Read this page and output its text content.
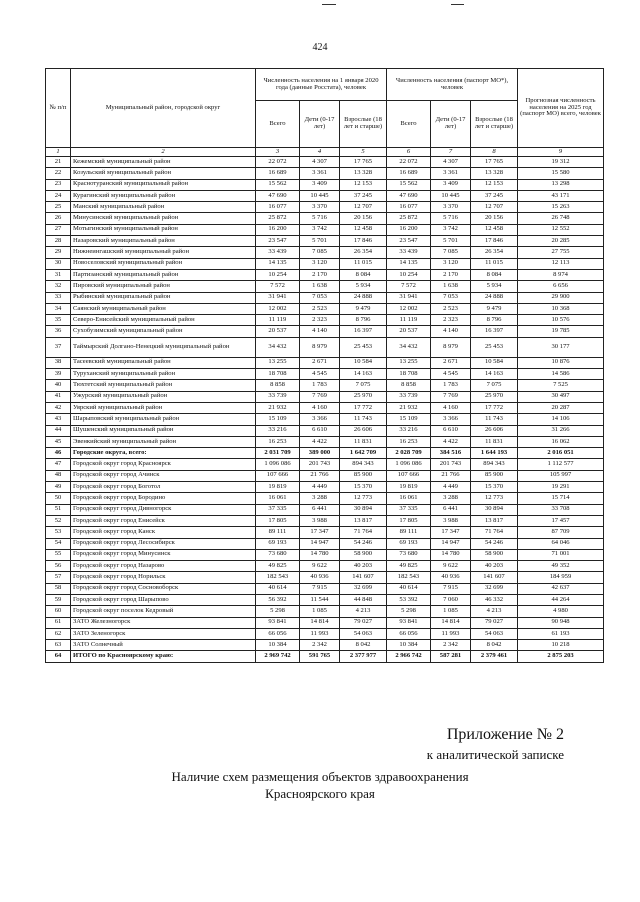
424
№ п/п	Муниципальный район, городской округ	Численность населения на 1 января 2020 года (данные Росстата), человек			Численность населения (паспорт МО*), человек			Прогнозная численность населения на 2025 год (паспорт МО) всего, человек
		Всего	Дети (0-17 лет)	Взрослые (18 лет и старше)	Всего	Дети (0-17 лет)	Взрослые (18 лет и старше)	
1	2	3	4	5	6	7	8	9
21	Кежемский муниципальный район	22 072	4 307	17 765	22 072	4 307	17 765	19 312
22	Козульский муниципальный район	16 689	3 361	13 328	16 689	3 361	13 328	15 580
23	Краснотуранский муниципальный район	15 562	3 409	12 153	15 562	3 409	12 153	13 298
24	Курагинский муниципальный район	47 690	10 445	37 245	47 690	10 445	37 245	43 171
25	Манский муниципальный район	16 077	3 370	12 707	16 077	3 370	12 707	15 263
26	Минусинский муниципальный район	25 872	5 716	20 156	25 872	5 716	20 156	26 748
27	Мотыгинский муниципальный район	16 200	3 742	12 458	16 200	3 742	12 458	12 552
28	Назаровский муниципальный район	23 547	5 701	17 846	23 547	5 701	17 846	20 285
29	Нижнеингашский муниципальный район	33 439	7 085	26 354	33 439	7 085	26 354	27 755
30	Новоселовский муниципальный район	14 135	3 120	11 015	14 135	3 120	11 015	12 113
31	Партизанский муниципальный район	10 254	2 170	8 084	10 254	2 170	8 084	8 974
32	Пировский муниципальный район	7 572	1 638	5 934	7 572	1 638	5 934	6 656
33	Рыбинский муниципальный район	31 941	7 053	24 888	31 941	7 053	24 888	29 900
34	Саянский муниципальный район	12 002	2 523	9 479	12 002	2 523	9 479	10 368
35	Северо-Енисейский муниципальный район	11 119	2 323	8 796	11 119	2 323	8 796	10 576
36	Сухобузимский муниципальный район	20 537	4 140	16 397	20 537	4 140	16 397	19 785
37	Таймырский Долгано-Ненецкий муниципальный район	34 432	8 979	25 453	34 432	8 979	25 453	30 177
38	Тасеевский муниципальный район	13 255	2 671	10 584	13 255	2 671	10 584	10 876
39	Туруханский муниципальный район	18 708	4 545	14 163	18 708	4 545	14 163	14 586
40	Тюхтетский муниципальный район	8 858	1 783	7 075	8 858	1 783	7 075	7 525
41	Ужурский муниципальный район	33 739	7 769	25 970	33 739	7 769	25 970	30 497
42	Уярский муниципальный район	21 932	4 160	17 772	21 932	4 160	17 772	20 287
43	Шарыповский муниципальный район	15 109	3 366	11 743	15 109	3 366	11 743	14 106
44	Шушенский муниципальный район	33 216	6 610	26 606	33 216	6 610	26 606	31 266
45	Эвенкийский муниципальный район	16 253	4 422	11 831	16 253	4 422	11 831	16 062
46	Городские округа, всего:	2 031 709	389 000	1 642 709	2 028 709	384 516	1 644 193	2 016 051
47	Городской округ город Красноярск	1 096 086	201 743	894 343	1 096 086	201 743	894 343	1 112 577
48	Городской округ город Ачинск	107 666	21 766	85 900	107 666	21 766	85 900	105 997
49	Городской округ город Боготол	19 819	4 449	15 370	19 819	4 449	15 370	19 291
50	Городской округ город Бородино	16 061	3 288	12 773	16 061	3 288	12 773	15 714
51	Городской округ город Дивногорск	37 335	6 441	30 894	37 335	6 441	30 894	33 708
52	Городской округ город Енисейск	17 805	3 988	13 817	17 805	3 988	13 817	17 457
53	Городской округ город Канск	89 111	17 347	71 764	89 111	17 347	71 764	87 709
54	Городской округ город Лесосибирск	69 193	14 947	54 246	69 193	14 947	54 246	64 046
55	Городской округ город Минусинск	73 680	14 780	58 900	73 680	14 780	58 900	71 001
56	Городской округ город Назарово	49 825	9 622	40 203	49 825	9 622	40 203	49 352
57	Городской округ город Норильск	182 543	40 936	141 607	182 543	40 936	141 607	184 959
58	Городской округ город Сосновоборск	40 614	7 915	32 699	40 614	7 915	32 699	42 637
59	Городской округ город Шарыпово	56 392	11 544	44 848	53 392	7 060	46 332	44 264
60	Городской округ поселок Кедровый	5 298	1 085	4 213	5 298	1 085	4 213	4 980
61	ЗАТО Железногорск	93 841	14 814	79 027	93 841	14 814	79 027	90 948
62	ЗАТО Зеленогорск	66 056	11 993	54 063	66 056	11 993	54 063	61 193
63	ЗАТО Солнечный	10 384	2 342	8 042	10 384	2 342	8 042	10 218
64	ИТОГО по Красноярскому краю:	2 969 742	591 765	2 377 977	2 966 742	587 281	2 379 461	2 875 203
Приложение № 2
к аналитической записке
Наличие схем размещения объектов здравоохранения
Красноярского края
